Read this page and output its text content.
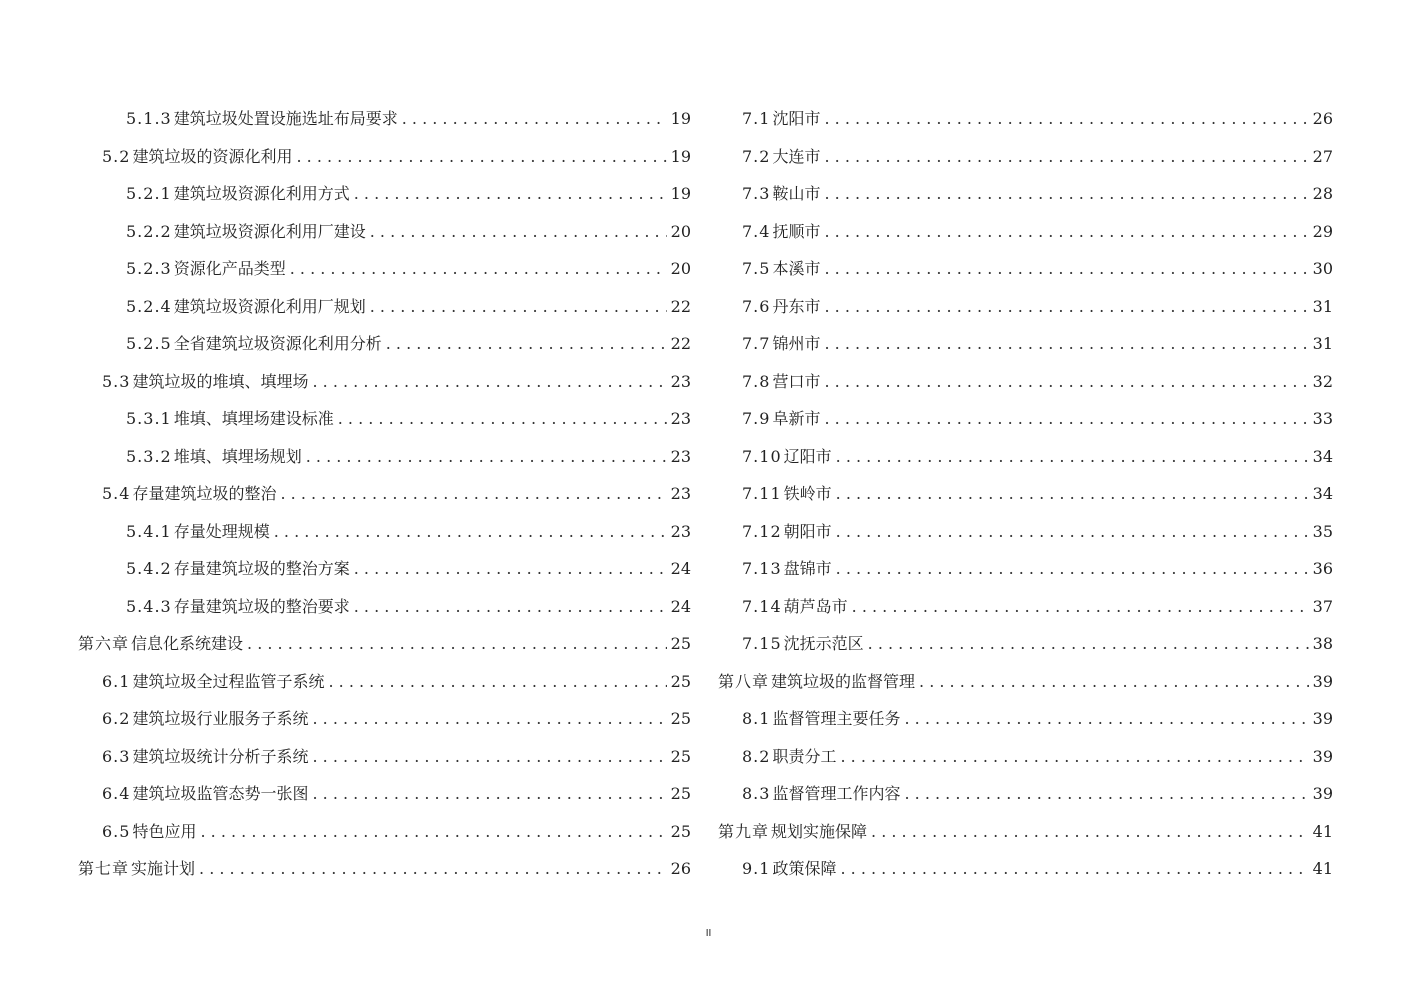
5.1.3 建筑垃圾处置设施选址布局要求 . . .	19
5.2 建筑垃圾的资源化利用 . . .	19
5.2.1 建筑垃圾资源化利用方式 . . .	19
5.2.2 建筑垃圾资源化利用厂建设 . . .	20
5.2.3 资源化产品类型 . . .	20
5.2.4 建筑垃圾资源化利用厂规划 . . .	22
5.2.5 全省建筑垃圾资源化利用分析 . . .	22
5.3 建筑垃圾的堆填、填埋场 . . .	23
5.3.1 堆填、填埋场建设标准 . . .	23
5.3.2 堆填、填埋场规划 . . .	23
5.4 存量建筑垃圾的整治 . . .	23
5.4.1 存量处理规模 . . .	23
5.4.2 存量建筑垃圾的整治方案 . . .	24
5.4.3 存量建筑垃圾的整治要求 . . .	24
第六章 信息化系统建设 . . .	25
6.1 建筑垃圾全过程监管子系统 . . .	25
6.2 建筑垃圾行业服务子系统 . . .	25
6.3 建筑垃圾统计分析子系统 . . .	25
6.4 建筑垃圾监管态势一张图 . . .	25
6.5 特色应用 . . .	25
第七章 实施计划 . . .	26
7.1 沈阳市 . . .	26
7.2 大连市 . . .	27
7.3 鞍山市 . . .	28
7.4 抚顺市 . . .	29
7.5 本溪市 . . .	30
7.6 丹东市 . . .	31
7.7 锦州市 . . .	31
7.8 营口市 . . .	32
7.9 阜新市 . . .	33
7.10 辽阳市 . . .	34
7.11 铁岭市 . . .	34
7.12 朝阳市 . . .	35
7.13 盘锦市 . . .	36
7.14 葫芦岛市 . . .	37
7.15 沈抚示范区 . . .	38
第八章 建筑垃圾的监督管理 . . .	39
8.1 监督管理主要任务 . . .	39
8.2 职责分工 . . .	39
8.3 监督管理工作内容 . . .	39
第九章 规划实施保障 . . .	41
9.1 政策保障 . . .	41
II
